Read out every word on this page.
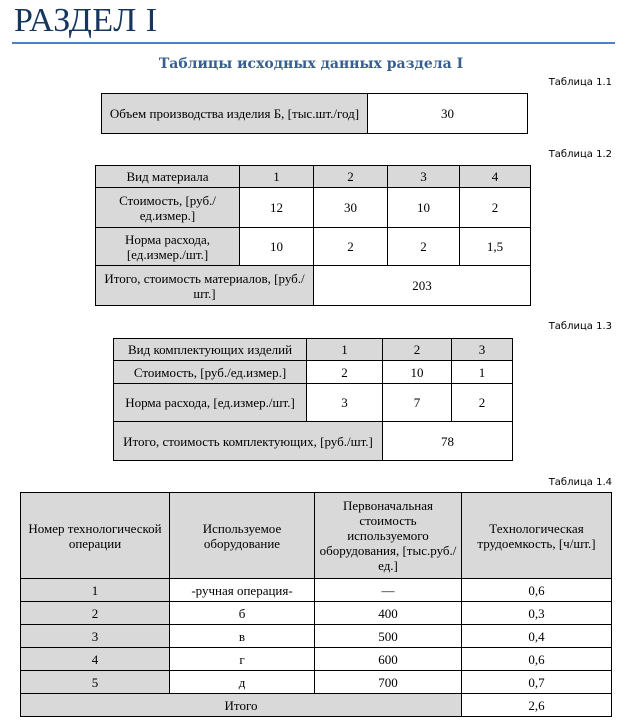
РАЗДЕЛ I
Таблицы исходных данных раздела I
Таблица 1.1
Объем производства изделия Б, [тыс.шт./год]	30
Таблица 1.2
Вид материала	1	2	3	4
Стоимость, [руб./ед.измер.]	12	30	10	2
Норма расхода, [ед.измер./шт.]	10	2	2	1,5
Итого, стоимость материалов, [руб./шт.]		203		
Таблица 1.3
Вид комплектующих изделий	1	2	3
Стоимость, [руб./ед.измер.]	2	10	1
Норма расхода, [ед.измер./шт.]	3	7	2
Итого, стоимость комплектующих, [руб./шт.]		78	
Таблица 1.4
Номер технологической операции	Используемое оборудование	Первоначальная стоимость используемого оборудования, [тыс.руб./ед.]	Технологическая трудоемкость, [ч/шт.]
1	-ручная операция-	—	0,6
2	б	400	0,3
3	в	500	0,4
4	г	600	0,6
5	д	700	0,7
Итого			2,6
